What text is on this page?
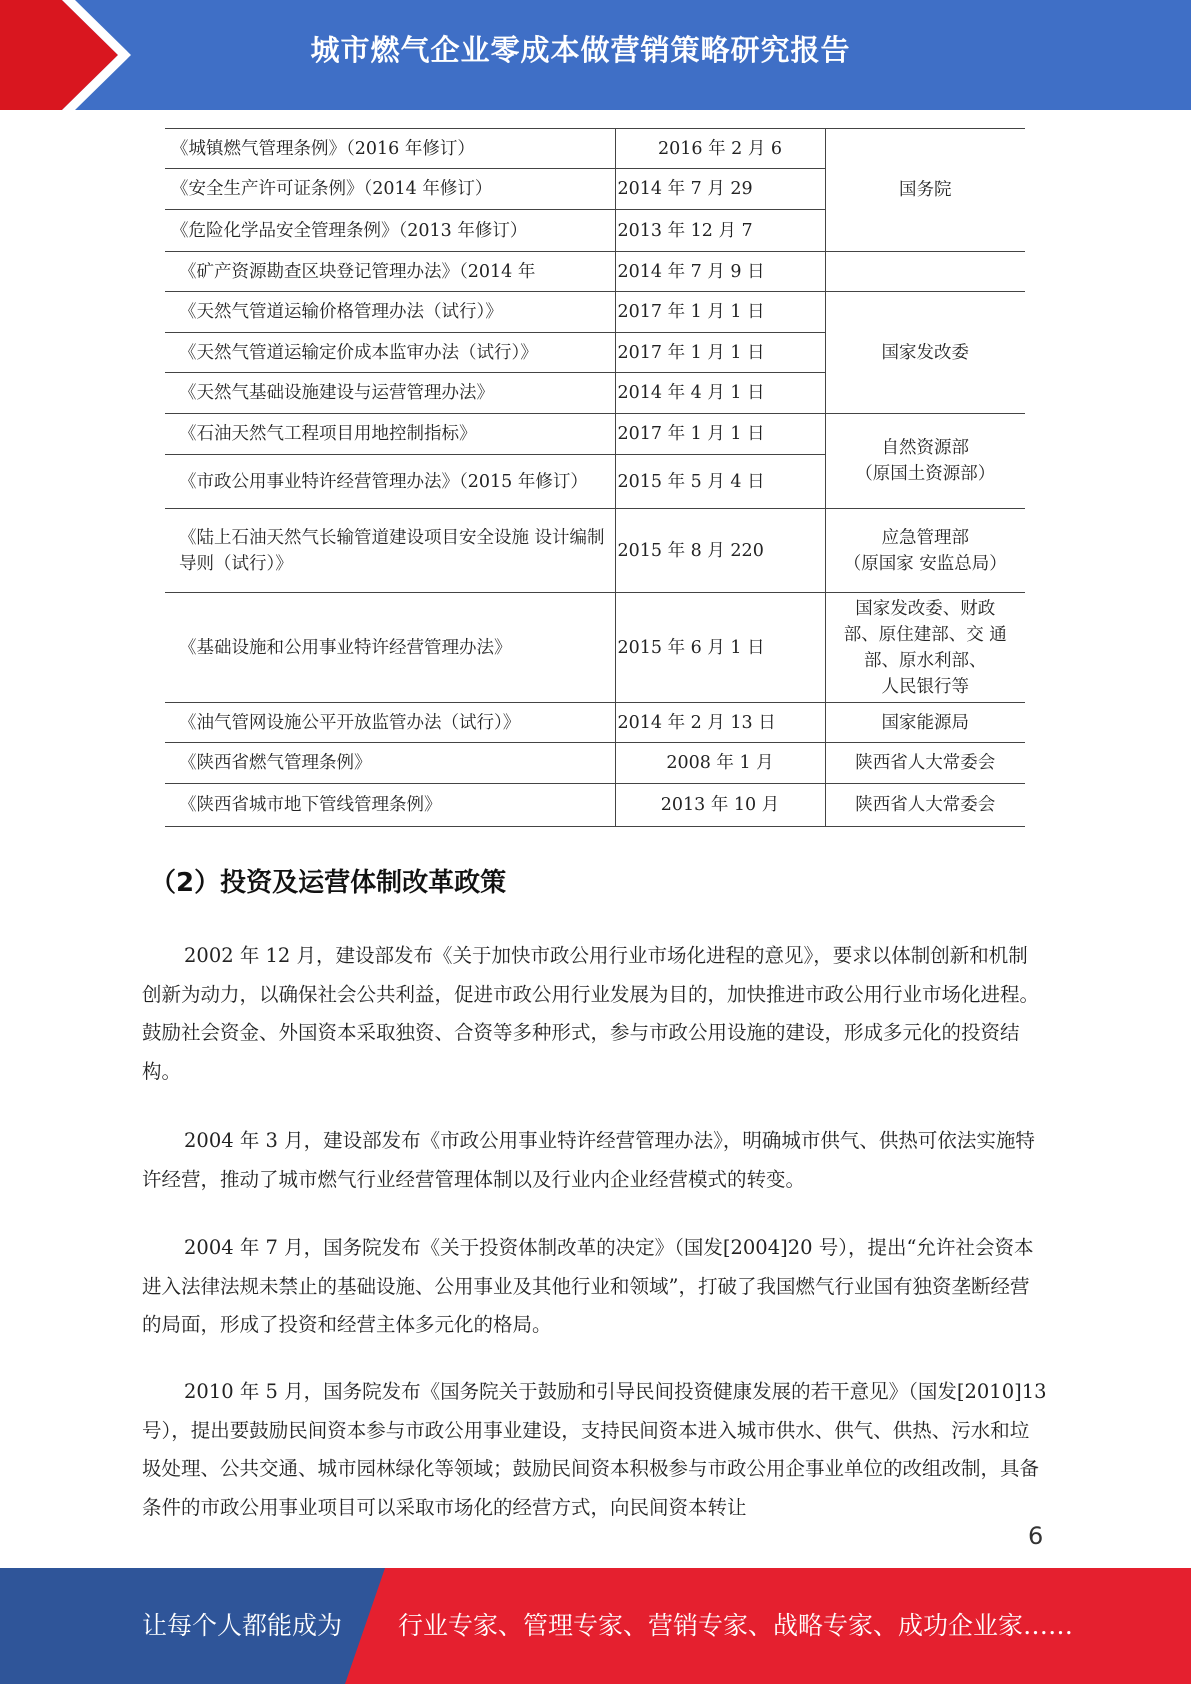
城市燃气企业零成本做营销策略研究报告
《城镇燃气管理条例》（2016 年修订）	2016 年 2 月 6	国务院
《安全生产许可证条例》（2014 年修订）	2014 年 7 月 29	
《危险化学品安全管理条例》（2013 年修订）	2013 年 12 月 7	
《矿产资源勘查区块登记管理办法》（2014 年	2014 年 7 月 9 日	
《天然气管道运输价格管理办法（试行）》	2017 年 1 月 1 日	国家发改委
《天然气管道运输定价成本监审办法（试行）》	2017 年 1 月 1 日	
《天然气基础设施建设与运营管理办法》	2014 年 4 月 1 日	
《石油天然气工程项目用地控制指标》	2017 年 1 月 1 日	自然资源部
（原国土资源部）

《市政公用事业特许经营管理办法》（2015 年修订）	2015 年 5 月 4 日	
《陆上石油天然气长输管道建设项目安全设施 设计编制导则（试行）》	2015 年 8 月 220	应急管理部
（原国家 安监总局）

《基础设施和公用事业特许经营管理办法》	2015 年 6 月 1 日	国家发改委、财政
部、原住建部、交 通
部、原水利部、
人民银行等

《油气管网设施公平开放监管办法（试行）》	2014 年 2 月 13 日	国家能源局
《陕西省燃气管理条例》	2008 年 1 月	陕西省人大常委会
《陕西省城市地下管线管理条例》	2013 年 10 月	陕西省人大常委会
（2）投资及运营体制改革政策

2002 年 12 月，建设部发布《关于加快市政公用行业市场化进程的意见》，要求以体制创新和机制创新为动力，以确保社会公共利益，促进市政公用行业发展为目的，加快推进市政公用行业市场化进程。鼓励社会资金、外国资本采取独资、合资等多种形式，参与市政公用设施的建设，形成多元化的投资结构。

2004 年 3 月，建设部发布《市政公用事业特许经营管理办法》，明确城市供气、供热可依法实施特许经营，推动了城市燃气行业经营管理体制以及行业内企业经营模式的转变。

2004 年 7 月，国务院发布《关于投资体制改革的决定》（国发[2004]20 号），提出“允许社会资本进入法律法规未禁止的基础设施、公用事业及其他行业和领域”，打破了我国燃气行业国有独资垄断经营的局面，形成了投资和经营主体多元化的格局。

2010 年 5 月，国务院发布《国务院关于鼓励和引导民间投资健康发展的若干意见》（国发[2010]13 号），提出要鼓励民间资本参与市政公用事业建设，支持民间资本进入城市供水、供气、供热、污水和垃圾处理、公共交通、城市园林绿化等领域；鼓励民间资本积极参与市政公用企事业单位的改组改制，具备条件的市政公用事业项目可以采取市场化的经营方式，向民间资本转让

6
让每个人都能成为 行业专家、管理专家、营销专家、战略专家、成功企业家……
